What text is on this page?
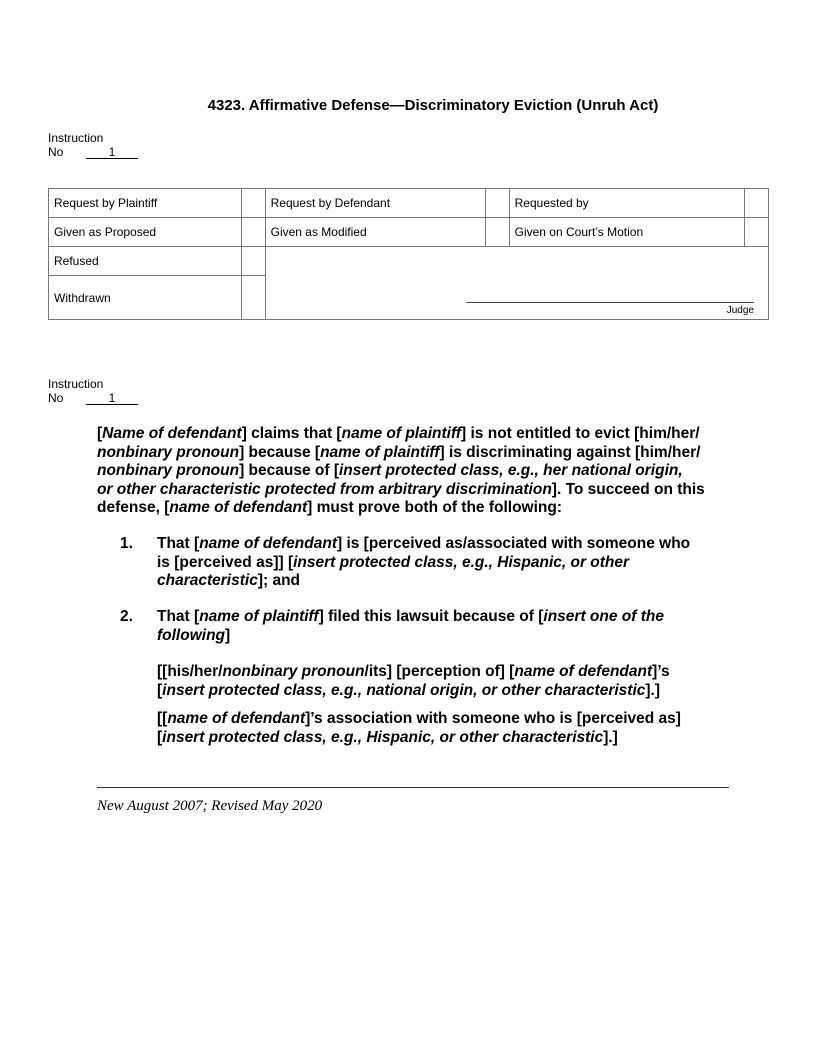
4323. Affirmative Defense—Discriminatory Eviction (Unruh Act)
Instruction
No	1
Request by Plaintiff		Request by Defendant		Requested by	
Given as Proposed		Given as Modified		Given on Court’s Motion	
Refused		Judge			

Withdrawn					
Instruction
No	1
[Name of defendant] claims that [name of plaintiff] is not entitled to evict [him/her/
nonbinary pronoun] because [name of plaintiff] is discriminating against [him/her/
nonbinary pronoun] because of [insert protected class, e.g., her national origin,
or other characteristic protected from arbitrary discrimination]. To succeed on this
defense, [name of defendant] must prove both of the following:
1. That [name of defendant] is [perceived as/associated with someone who
is [perceived as]] [insert protected class, e.g., Hispanic, or other
characteristic]; and
2. That [name of plaintiff] filed this lawsuit because of [insert one of the
following]
[[his/her/nonbinary pronoun/its] [perception of] [name of defendant]’s
[insert protected class, e.g., national origin, or other characteristic].]
[[name of defendant]’s association with someone who is [perceived as]
[insert protected class, e.g., Hispanic, or other characteristic].]
New August 2007; Revised May 2020
